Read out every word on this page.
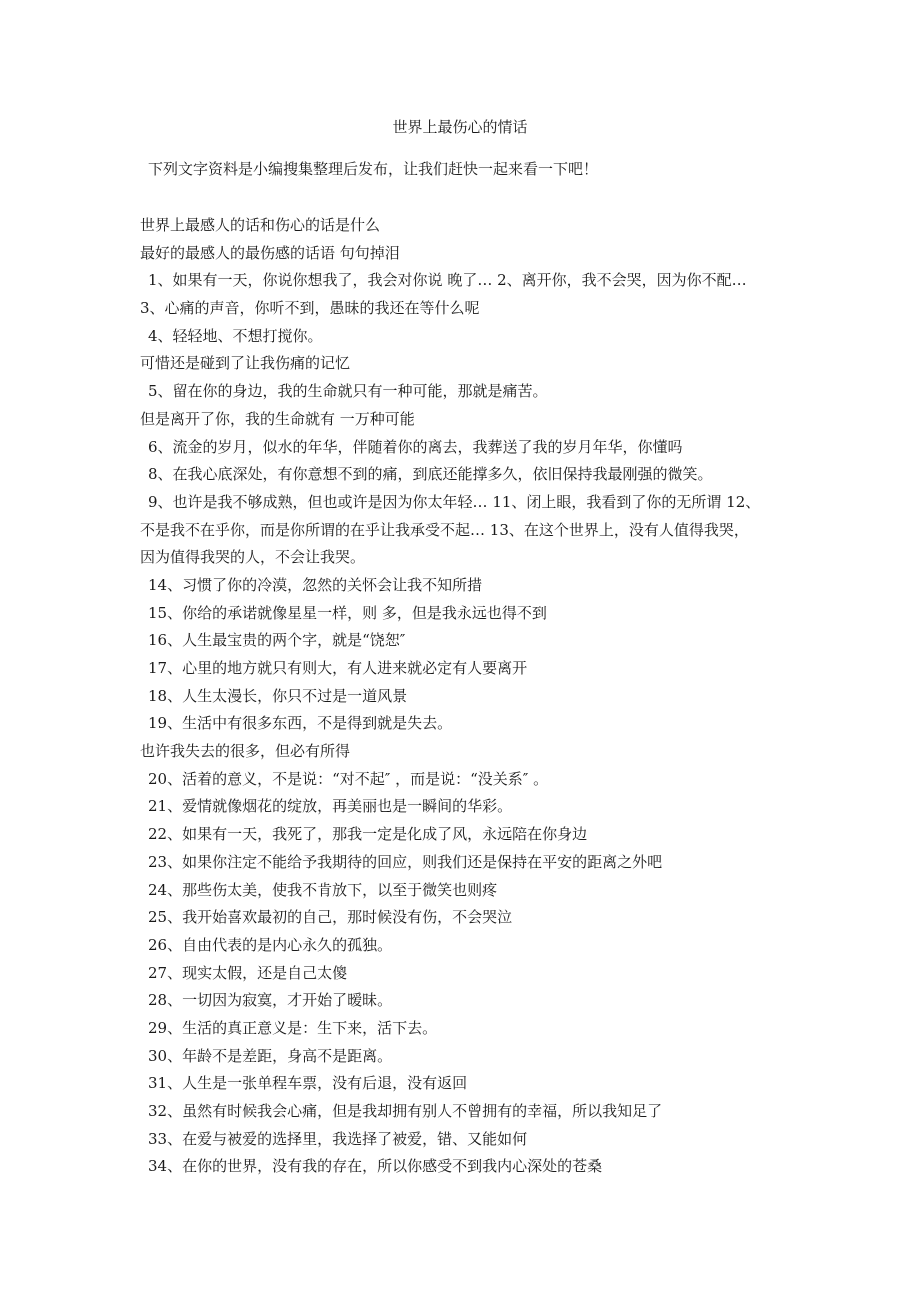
世界上最伤心的情话
下列文字资料是小编搜集整理后发布，让我们赶快一起来看一下吧！
世界上最感人的话和伤心的话是什么
最好的最感人的最伤感的话语 句句掉泪
1、如果有一天，你说你想我了，我会对你说 晚了… 2、离开你，我不会哭，因为你不配…
3、心痛的声音，你听不到，愚昧的我还在等什么呢
4、轻轻地、不想打搅你。
可惜还是碰到了让我伤痛的记忆
5、留在你的身边，我的生命就只有一种可能，那就是痛苦。
但是离开了你，我的生命就有 一万种可能
6、流金的岁月，似水的年华，伴随着你的离去，我葬送了我的岁月年华，你懂吗
8、在我心底深处，有你意想不到的痛，到底还能撑多久，依旧保持我最刚强的微笑。
9、也许是我不够成熟，但也或许是因为你太年轻… 11、闭上眼，我看到了你的无所谓 12、
不是我不在乎你，而是你所谓的在乎让我承受不起… 13、在这个世界上，没有人值得我哭，
因为值得我哭的人，不会让我哭。
14、习惯了你的冷漠，忽然的关怀会让我不知所措
15、你给的承诺就像星星一样，则 多，但是我永远也得不到
16、人生最宝贵的两个字，就是“饶恕″
17、心里的地方就只有则大，有人进来就必定有人要离开
18、人生太漫长，你只不过是一道风景
19、生活中有很多东西，不是得到就是失去。
也许我失去的很多，但必有所得
20、活着的意义，不是说：“对不起″ ，而是说：“没关系″ 。
21、爱情就像烟花的绽放，再美丽也是一瞬间的华彩。
22、如果有一天，我死了，那我一定是化成了风，永远陪在你身边
23、如果你注定不能给予我期待的回应，则我们还是保持在平安的距离之外吧
24、那些伤太美，使我不肯放下，以至于微笑也则疼
25、我开始喜欢最初的自己，那时候没有伤，不会哭泣
26、自由代表的是内心永久的孤独。
27、现实太假，还是自己太傻
28、一切因为寂寞，才开始了暧昧。
29、生活的真正意义是：生下来，活下去。
30、年龄不是差距，身高不是距离。
31、人生是一张单程车票，没有后退，没有返回
32、虽然有时候我会心痛，但是我却拥有别人不曾拥有的幸福，所以我知足了
33、在爱与被爱的选择里，我选择了被爱，错、又能如何
34、在你的世界，没有我的存在，所以你感受不到我内心深处的苍桑
